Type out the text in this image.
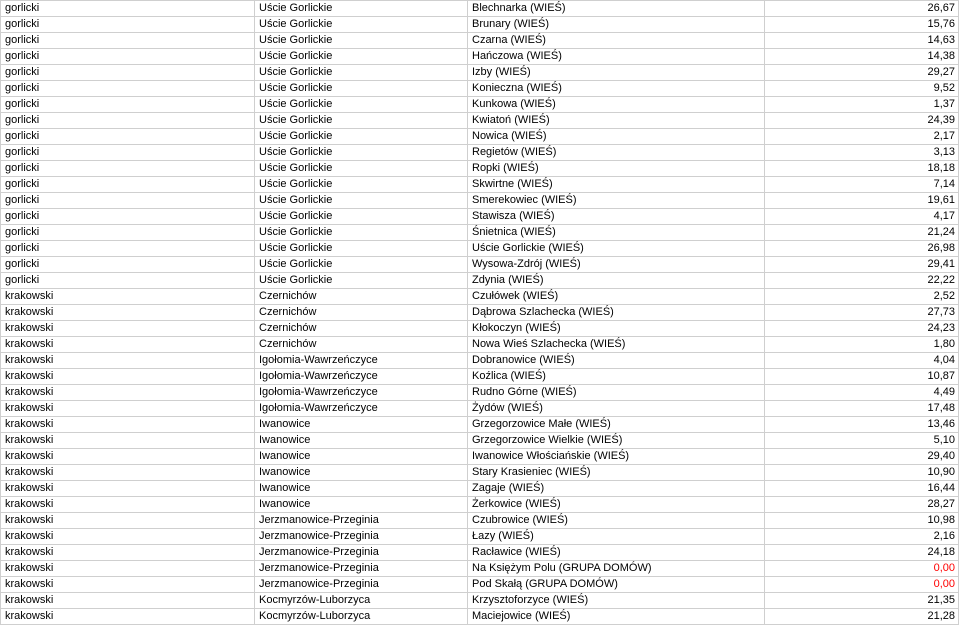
gorlicki	Uście Gorlickie	Blechnarka (WIEŚ)	26,67
gorlicki	Uście Gorlickie	Brunary (WIEŚ)	15,76
gorlicki	Uście Gorlickie	Czarna (WIEŚ)	14,63
gorlicki	Uście Gorlickie	Hańczowa (WIEŚ)	14,38
gorlicki	Uście Gorlickie	Izby (WIEŚ)	29,27
gorlicki	Uście Gorlickie	Konieczna (WIEŚ)	9,52
gorlicki	Uście Gorlickie	Kunkowa (WIEŚ)	1,37
gorlicki	Uście Gorlickie	Kwiatoń (WIEŚ)	24,39
gorlicki	Uście Gorlickie	Nowica (WIEŚ)	2,17
gorlicki	Uście Gorlickie	Regietów (WIEŚ)	3,13
gorlicki	Uście Gorlickie	Ropki (WIEŚ)	18,18
gorlicki	Uście Gorlickie	Skwirtne (WIEŚ)	7,14
gorlicki	Uście Gorlickie	Smerekowiec (WIEŚ)	19,61
gorlicki	Uście Gorlickie	Stawisza (WIEŚ)	4,17
gorlicki	Uście Gorlickie	Śnietnica (WIEŚ)	21,24
gorlicki	Uście Gorlickie	Uście Gorlickie (WIEŚ)	26,98
gorlicki	Uście Gorlickie	Wysowa-Zdrój (WIEŚ)	29,41
gorlicki	Uście Gorlickie	Zdynia (WIEŚ)	22,22
krakowski	Czernichów	Czułówek (WIEŚ)	2,52
krakowski	Czernichów	Dąbrowa Szlachecka (WIEŚ)	27,73
krakowski	Czernichów	Kłokoczyn (WIEŚ)	24,23
krakowski	Czernichów	Nowa Wieś Szlachecka (WIEŚ)	1,80
krakowski	Igołomia-Wawrzeńczyce	Dobranowice (WIEŚ)	4,04
krakowski	Igołomia-Wawrzeńczyce	Koźlica (WIEŚ)	10,87
krakowski	Igołomia-Wawrzeńczyce	Rudno Górne (WIEŚ)	4,49
krakowski	Igołomia-Wawrzeńczyce	Żydów (WIEŚ)	17,48
krakowski	Iwanowice	Grzegorzowice Małe (WIEŚ)	13,46
krakowski	Iwanowice	Grzegorzowice Wielkie (WIEŚ)	5,10
krakowski	Iwanowice	Iwanowice Włościańskie (WIEŚ)	29,40
krakowski	Iwanowice	Stary Krasieniec (WIEŚ)	10,90
krakowski	Iwanowice	Zagaje (WIEŚ)	16,44
krakowski	Iwanowice	Żerkowice (WIEŚ)	28,27
krakowski	Jerzmanowice-Przeginia	Czubrowice (WIEŚ)	10,98
krakowski	Jerzmanowice-Przeginia	Łazy (WIEŚ)	2,16
krakowski	Jerzmanowice-Przeginia	Racławice (WIEŚ)	24,18
krakowski	Jerzmanowice-Przeginia	Na Księżym Polu (GRUPA DOMÓW)	0,00
krakowski	Jerzmanowice-Przeginia	Pod Skałą (GRUPA DOMÓW)	0,00
krakowski	Kocmyrzów-Luborzyca	Krzysztoforzyce (WIEŚ)	21,35
krakowski	Kocmyrzów-Luborzyca	Maciejowice (WIEŚ)	21,28
